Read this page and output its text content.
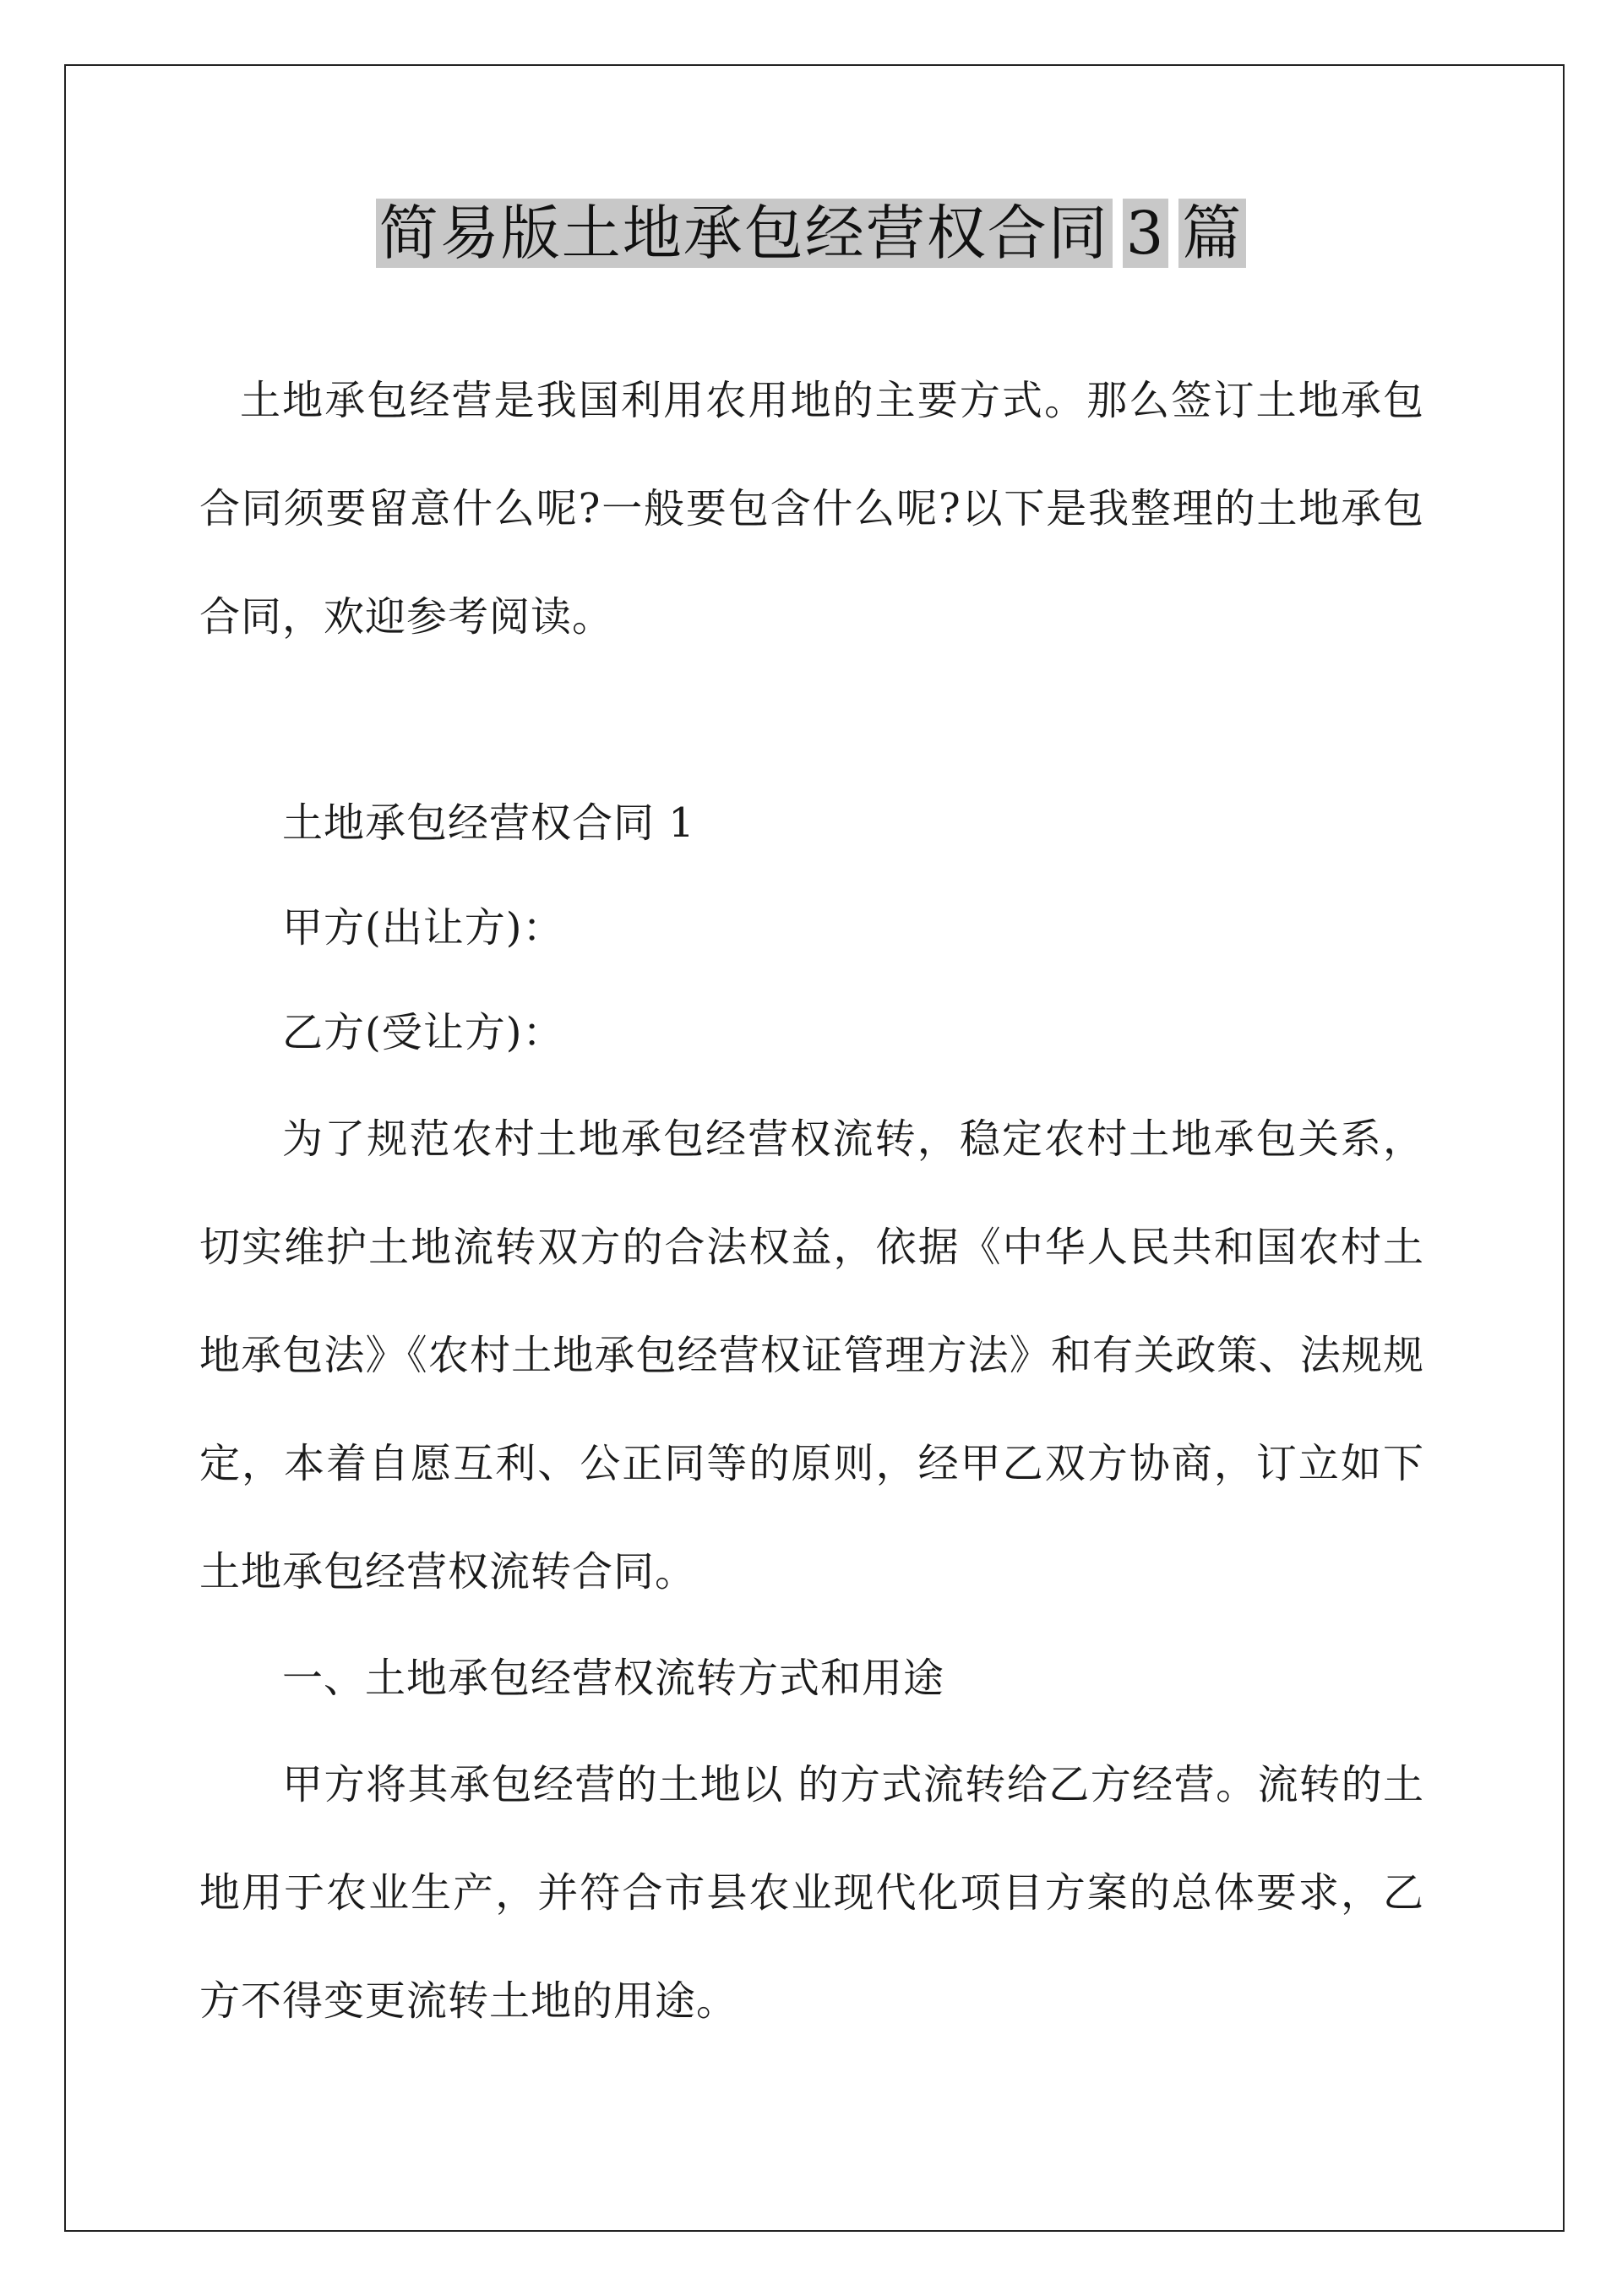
简易版土地承包经营权合同 3 篇

土地承包经营是我国利用农用地的主要方式。那么签订土地承包合同须要留意什么呢?一般要包含什么呢?以下是我整理的土地承包合同，欢迎参考阅读。

土地承包经营权合同 1

甲方(出让方)：

乙方(受让方)：

为了规范农村土地承包经营权流转，稳定农村土地承包关系，切实维护土地流转双方的合法权益，依据《中华人民共和国农村土地承包法》《农村土地承包经营权证管理方法》和有关政策、法规规定，本着自愿互利、公正同等的原则，经甲乙双方协商，订立如下土地承包经营权流转合同。

一、土地承包经营权流转方式和用途

甲方将其承包经营的土地以 的方式流转给乙方经营。流转的土地用于农业生产，并符合市县农业现代化项目方案的总体要求，乙方不得变更流转土地的用途。
